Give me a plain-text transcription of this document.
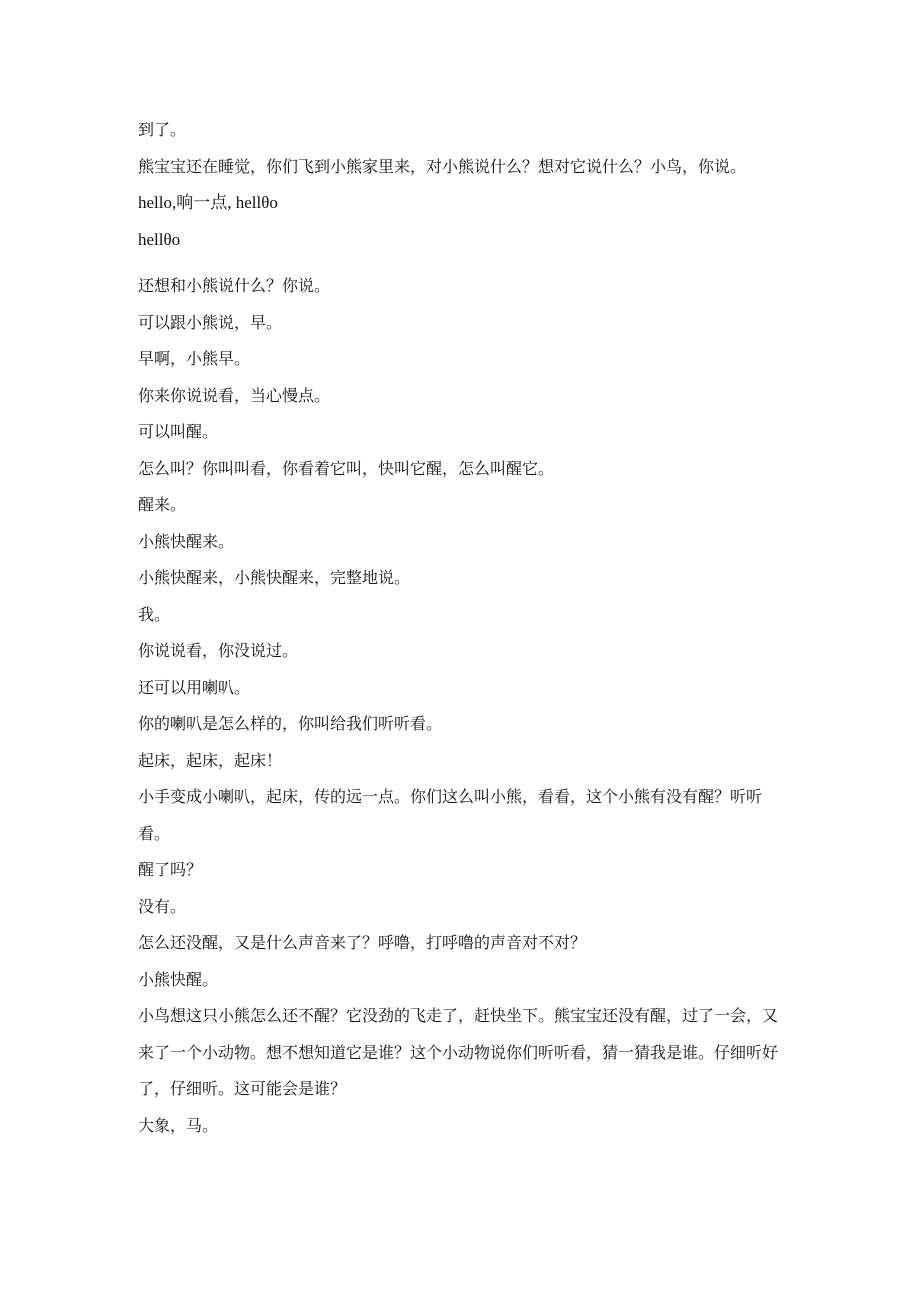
到了。

熊宝宝还在睡觉，你们飞到小熊家里来，对小熊说什么？想对它说什么？小鸟，你说。

hello,响一点, hellθo

hellθo

还想和小熊说什么？你说。

可以跟小熊说，早。

早啊，小熊早。

你来你说说看，当心慢点。

可以叫醒。

怎么叫？你叫叫看，你看着它叫，快叫它醒，怎么叫醒它。

醒来。

小熊快醒来。

小熊快醒来，小熊快醒来，完整地说。

我。

你说说看，你没说过。

还可以用喇叭。

你的喇叭是怎么样的，你叫给我们听听看。

起床，起床，起床！

小手变成小喇叭，起床，传的远一点。你们这么叫小熊，看看，这个小熊有没有醒？听听看。

醒了吗？

没有。

怎么还没醒，又是什么声音来了？呼噜，打呼噜的声音对不对？

小熊快醒。

小鸟想这只小熊怎么还不醒？它没劲的飞走了，赶快坐下。熊宝宝还没有醒，过了一会，又来了一个小动物。想不想知道它是谁？这个小动物说你们听听看，猜一猜我是谁。仔细听好了，仔细听。这可能会是谁？

大象，马。
